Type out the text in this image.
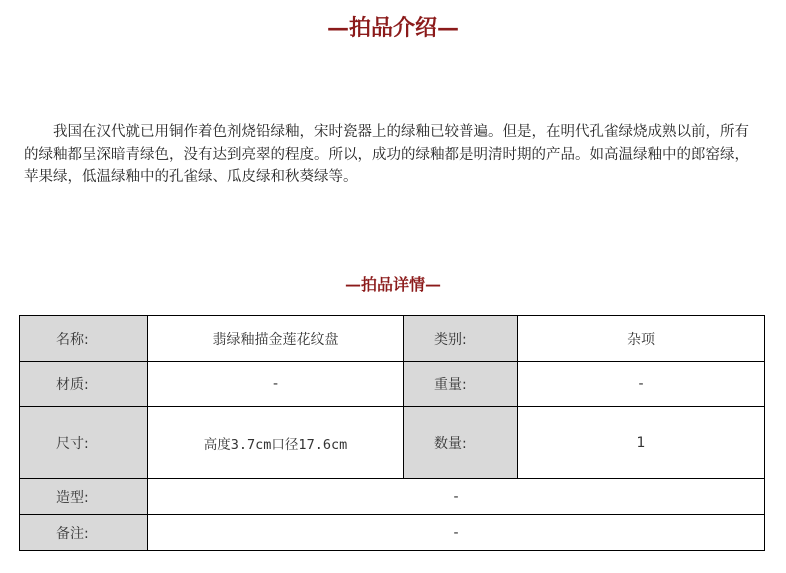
—拍品介绍—

我国在汉代就已用铜作着色剂烧铅绿釉，宋时瓷器上的绿釉已较普遍。但是，在明代孔雀绿烧成熟以前，所有的绿釉都呈深暗青绿色，没有达到亮翠的程度。所以，成功的绿釉都是明清时期的产品。如高温绿釉中的郎窑绿，苹果绿，低温绿釉中的孔雀绿、瓜皮绿和秋葵绿等。

—拍品详情—
名称:	翡绿釉描金莲花纹盘	类别:	杂项
材质:	-	重量:	-
尺寸:	高度3.7cm口径17.6cm	数量:	1
造型:	-		
备注:	-		
